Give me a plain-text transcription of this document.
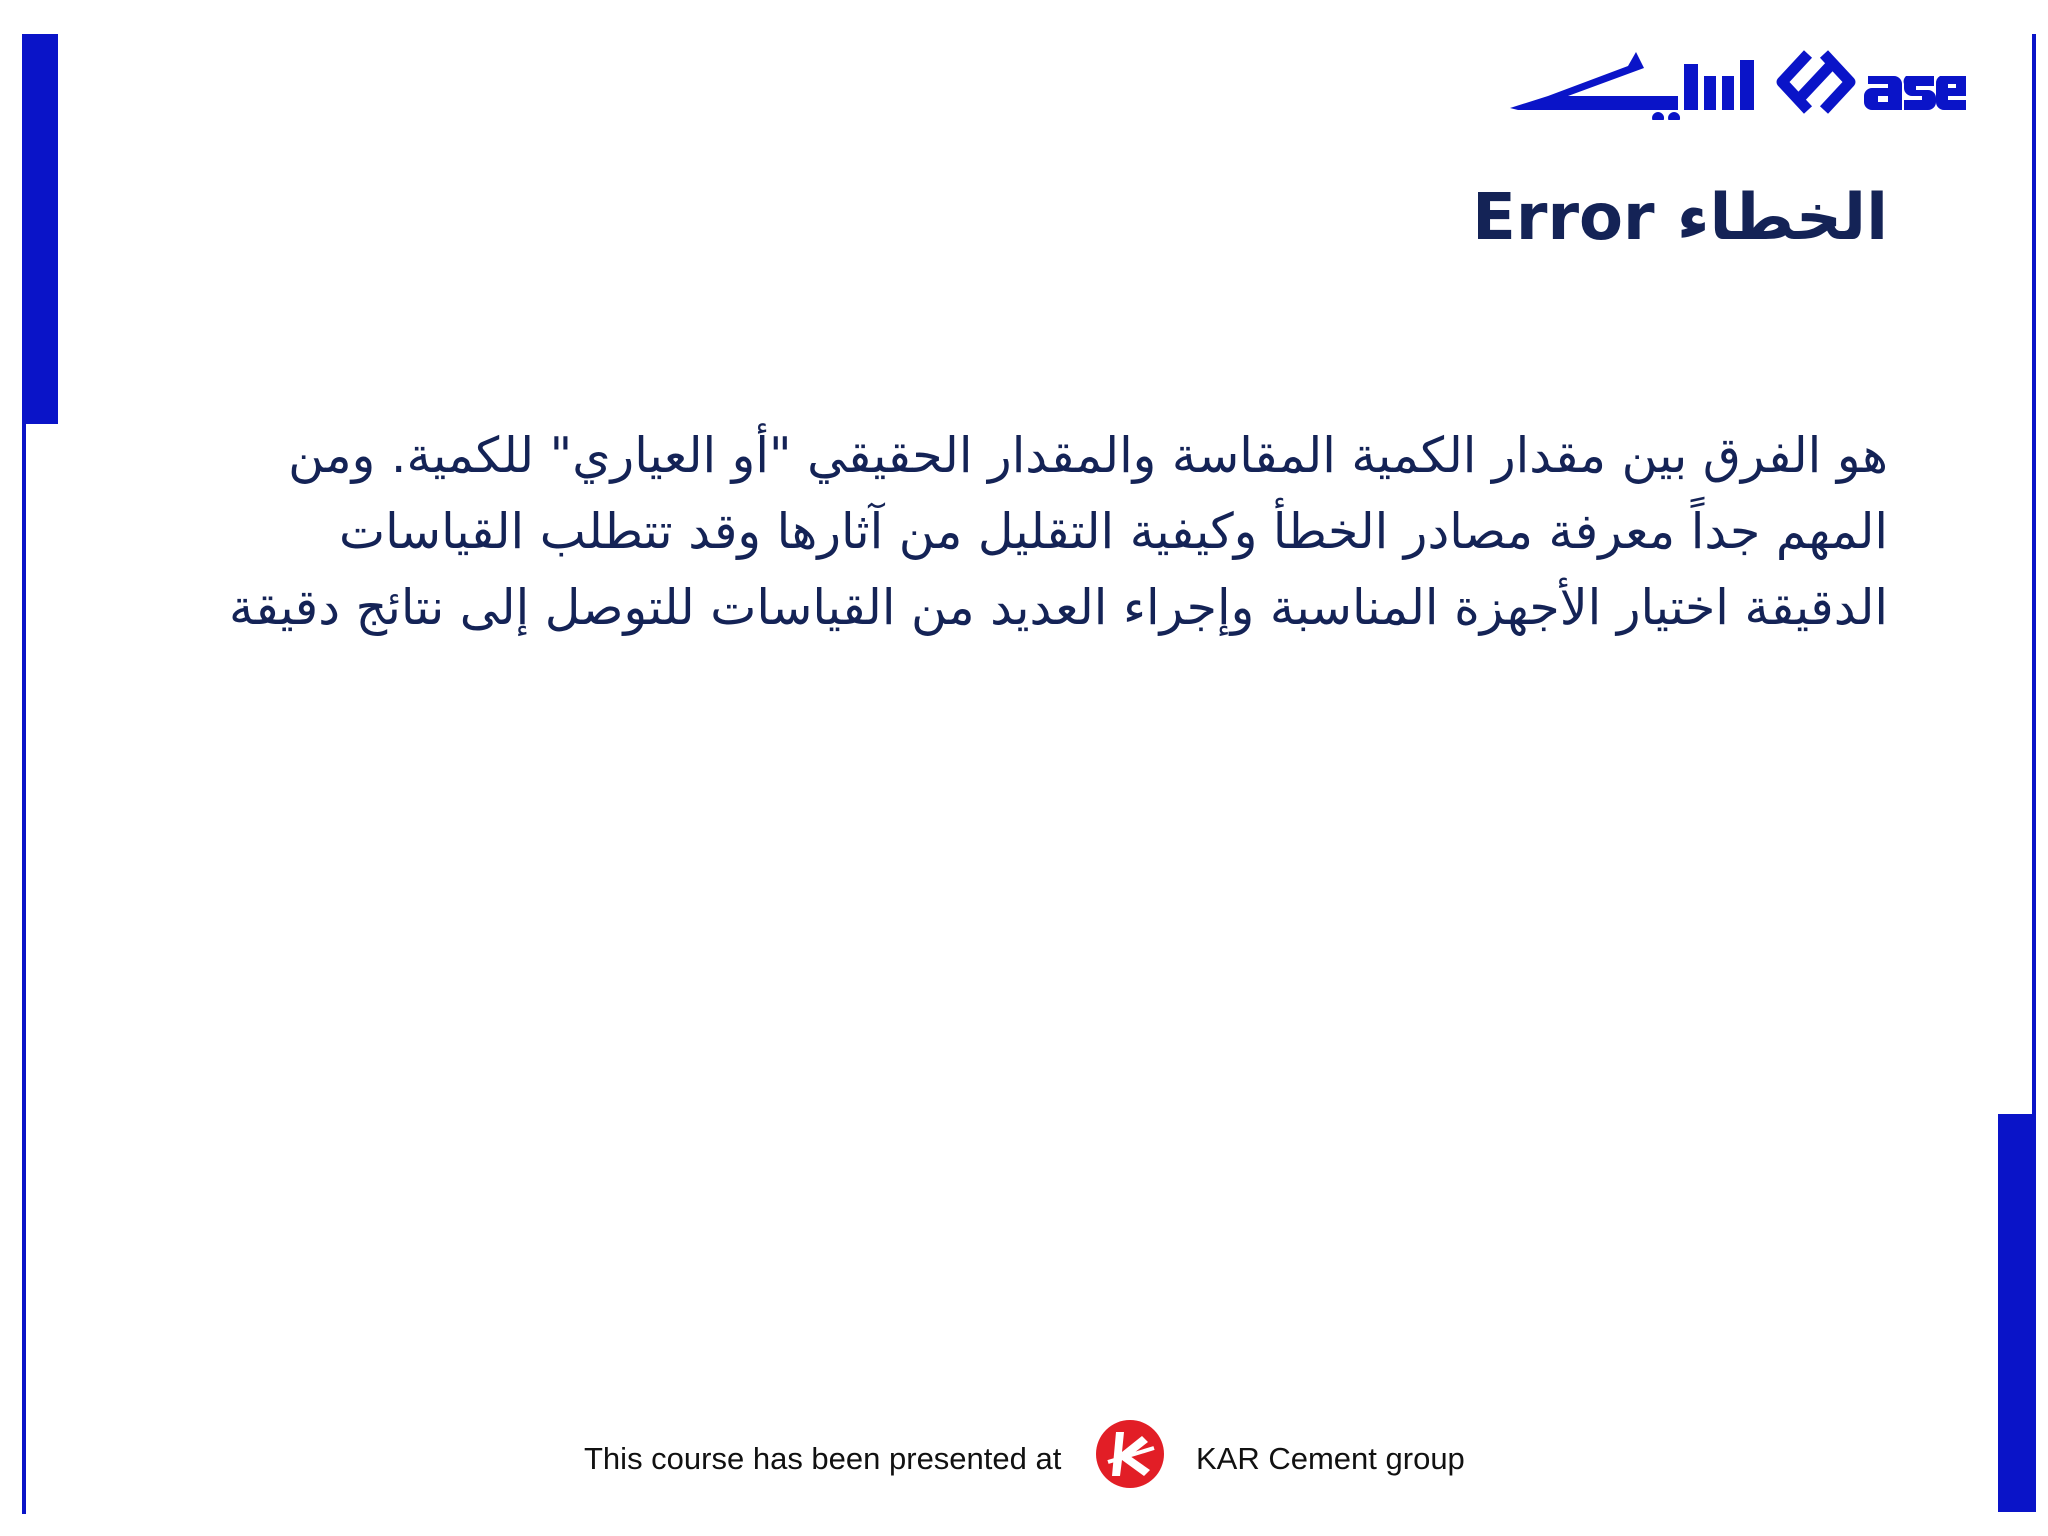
الخطاء Error
هو الفرق بين مقدار الكمية المقاسة والمقدار الحقيقي "أو العياري" للكمية. ومن المهم جداً معرفة مصادر الخطأ وكيفية التقليل من آثارها وقد تتطلب القياسات الدقيقة اختيار الأجهزة المناسبة وإجراء العديد من القياسات للتوصل إلى نتائج دقيقة
This course has been presented at	KAR Cement group
